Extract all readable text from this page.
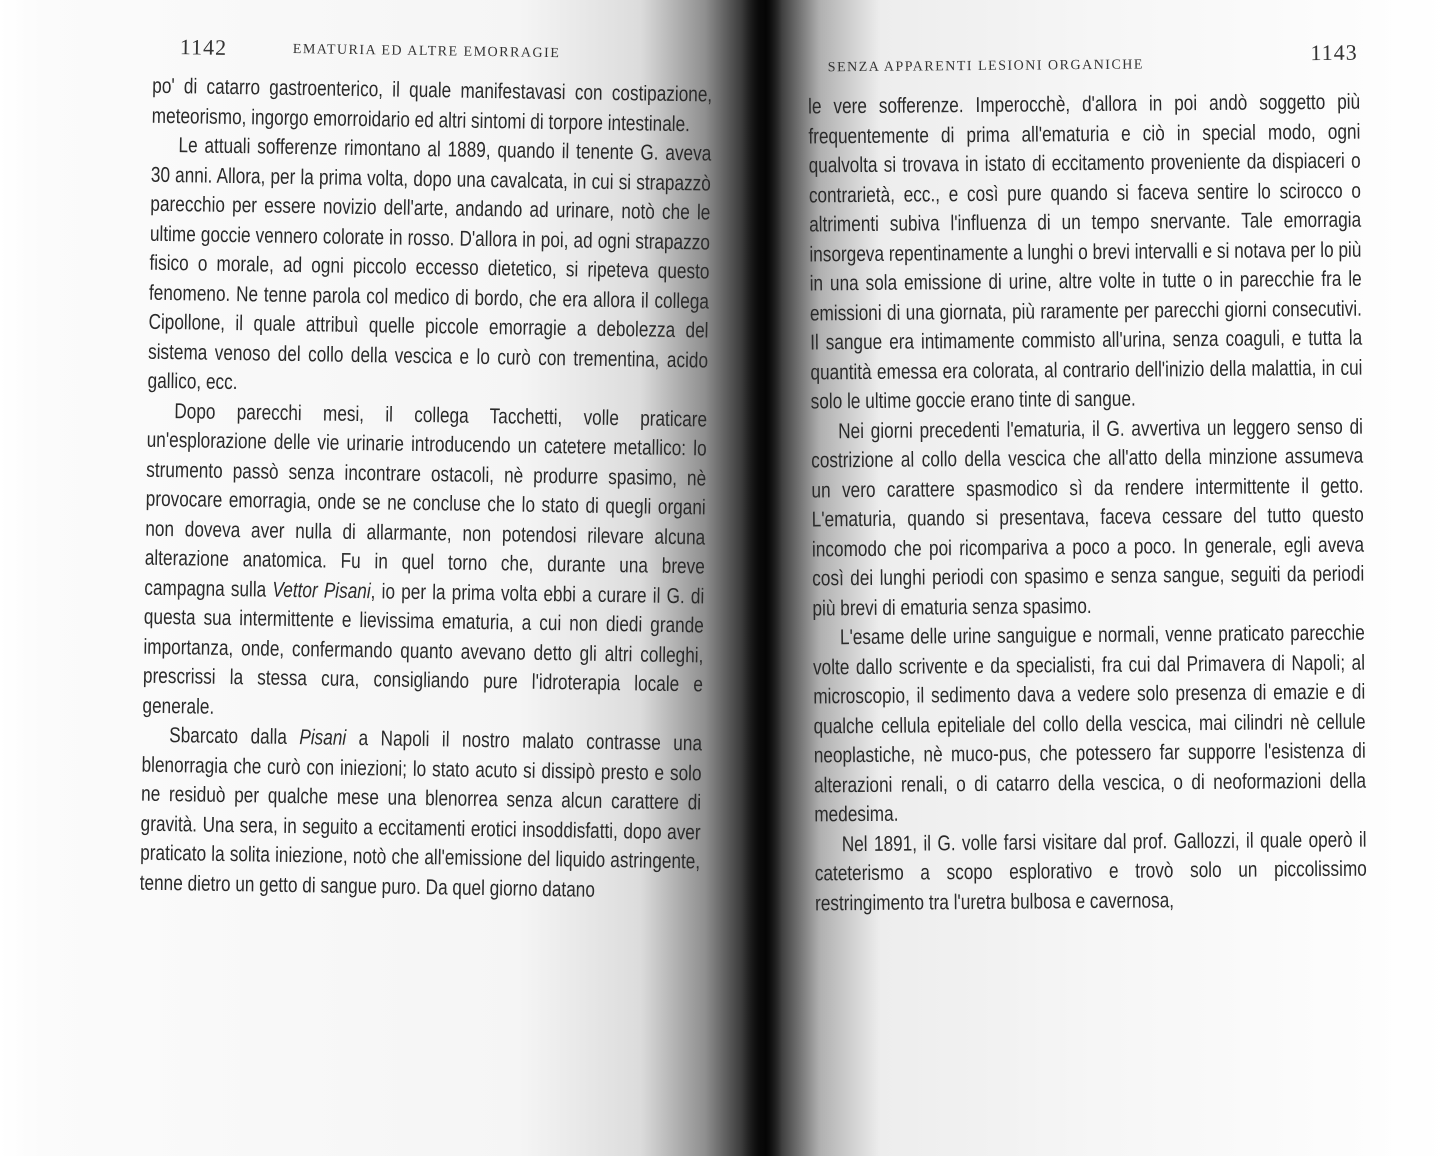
1142	EMATURIA ED ALTRE EMORRAGIE

po' di catarro gastroenterico, il quale manifestavasi con costipazione, meteorismo, ingorgo emorroidario ed altri sintomi di torpore intestinale.

Le attuali sofferenze rimontano al 1889, quando il tenente G. aveva 30 anni. Allora, per la prima volta, dopo una cavalcata, in cui si strapazzò parecchio per essere novizio dell'arte, andando ad urinare, notò che le ultime goccie vennero colorate in rosso. D'allora in poi, ad ogni strapazzo fisico o morale, ad ogni piccolo eccesso dietetico, si ripeteva questo fenomeno. Ne tenne parola col medico di bordo, che era allora il collega Cipollone, il quale attribuì quelle piccole emorragie a debolezza del sistema venoso del collo della vescica e lo curò con trementina, acido gallico, ecc.

Dopo parecchi mesi, il collega Tacchetti, volle praticare un'esplorazione delle vie urinarie introducendo un catetere metallico: lo strumento passò senza incontrare ostacoli, nè produrre spasimo, nè provocare emorragia, onde se ne concluse che lo stato di quegli organi non doveva aver nulla di allarmante, non potendosi rilevare alcuna alterazione anatomica. Fu in quel torno che, durante una breve campagna sulla Vettor Pisani, io per la prima volta ebbi a curare il G. di questa sua intermittente e lievissima ematuria, a cui non diedi grande importanza, onde, confermando quanto avevano detto gli altri colleghi, prescrissi la stessa cura, consigliando pure l'idroterapia locale e generale.

Sbarcato dalla Pisani a Napoli il nostro malato contrasse una blenorragia che curò con iniezioni; lo stato acuto si dissipò presto e solo ne residuò per qualche mese una blenorrea senza alcun carattere di gravità. Una sera, in seguito a eccitamenti erotici insoddisfatti, dopo aver praticato la solita iniezione, notò che all'emissione del liquido astringente, tenne dietro un getto di sangue puro. Da quel giorno datano

SENZA APPARENTI LESIONI ORGANICHE
1143

le vere sofferenze. Imperocchè, d'allora in poi andò soggetto più frequentemente di prima all'ematuria e ciò in special modo, ogni qualvolta si trovava in istato di eccitamento proveniente da dispiaceri o contrarietà, ecc., e così pure quando si faceva sentire lo scirocco o altrimenti subiva l'influenza di un tempo snervante. Tale emorragia insorgeva repentinamente a lunghi o brevi intervalli e si notava per lo più in una sola emissione di urine, altre volte in tutte o in parecchie fra le emissioni di una giornata, più raramente per parecchi giorni consecutivi. Il sangue era intimamente commisto all'urina, senza coaguli, e tutta la quantità emessa era colorata, al contrario dell'inizio della malattia, in cui solo le ultime goccie erano tinte di sangue.

Nei giorni precedenti l'ematuria, il G. avvertiva un leggero senso di costrizione al collo della vescica che all'atto della minzione assumeva un vero carattere spasmodico sì da rendere intermittente il getto. L'ematuria, quando si presentava, faceva cessare del tutto questo incomodo che poi ricompariva a poco a poco. In generale, egli aveva così dei lunghi periodi con spasimo e senza sangue, seguiti da periodi più brevi di ematuria senza spasimo.

L'esame delle urine sanguigue e normali, venne praticato parecchie volte dallo scrivente e da specialisti, fra cui dal Primavera di Napoli; al microscopio, il sedimento dava a vedere solo presenza di emazie e di qualche cellula epiteliale del collo della vescica, mai cilindri nè cellule neoplastiche, nè muco-pus, che potessero far supporre l'esistenza di alterazioni renali, o di catarro della vescica, o di neoformazioni della medesima.

Nel 1891, il G. volle farsi visitare dal prof. Gallozzi, il quale operò il cateterismo a scopo esplorativo e trovò solo un piccolissimo restringimento tra l'uretra bulbosa e cavernosa,
